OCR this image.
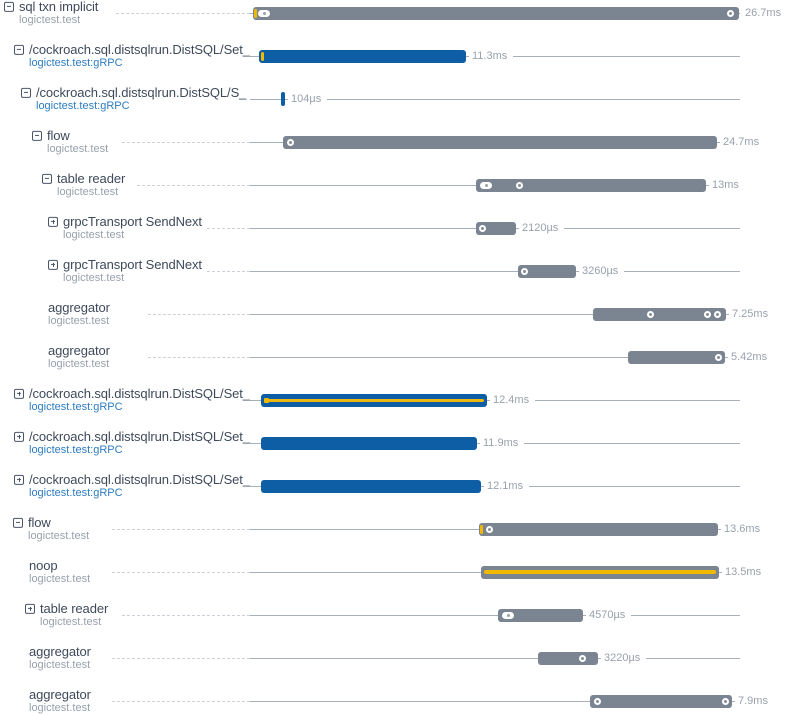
sql txn implicit
logictest.test
26.7ms
/cockroach.sql.distsqlrun.DistSQL/Set_
logictest.test:gRPC
11.3ms
/cockroach.sql.distsqlrun.DistSQL/S_
logictest.test:gRPC
104µs
flow
logictest.test
24.7ms
table reader
logictest.test
13ms
grpcTransport SendNext
logictest.test
2120µs
grpcTransport SendNext
logictest.test
3260µs
aggregator
logictest.test
7.25ms
aggregator
logictest.test
5.42ms
/cockroach.sql.distsqlrun.DistSQL/Set_
logictest.test:gRPC
12.4ms
/cockroach.sql.distsqlrun.DistSQL/Set_
logictest.test:gRPC
11.9ms
/cockroach.sql.distsqlrun.DistSQL/Set_
logictest.test:gRPC
12.1ms
flow
logictest.test
13.6ms
noop
logictest.test
13.5ms
table reader
logictest.test
4570µs
aggregator
logictest.test
3220µs
aggregator
logictest.test
7.9ms
